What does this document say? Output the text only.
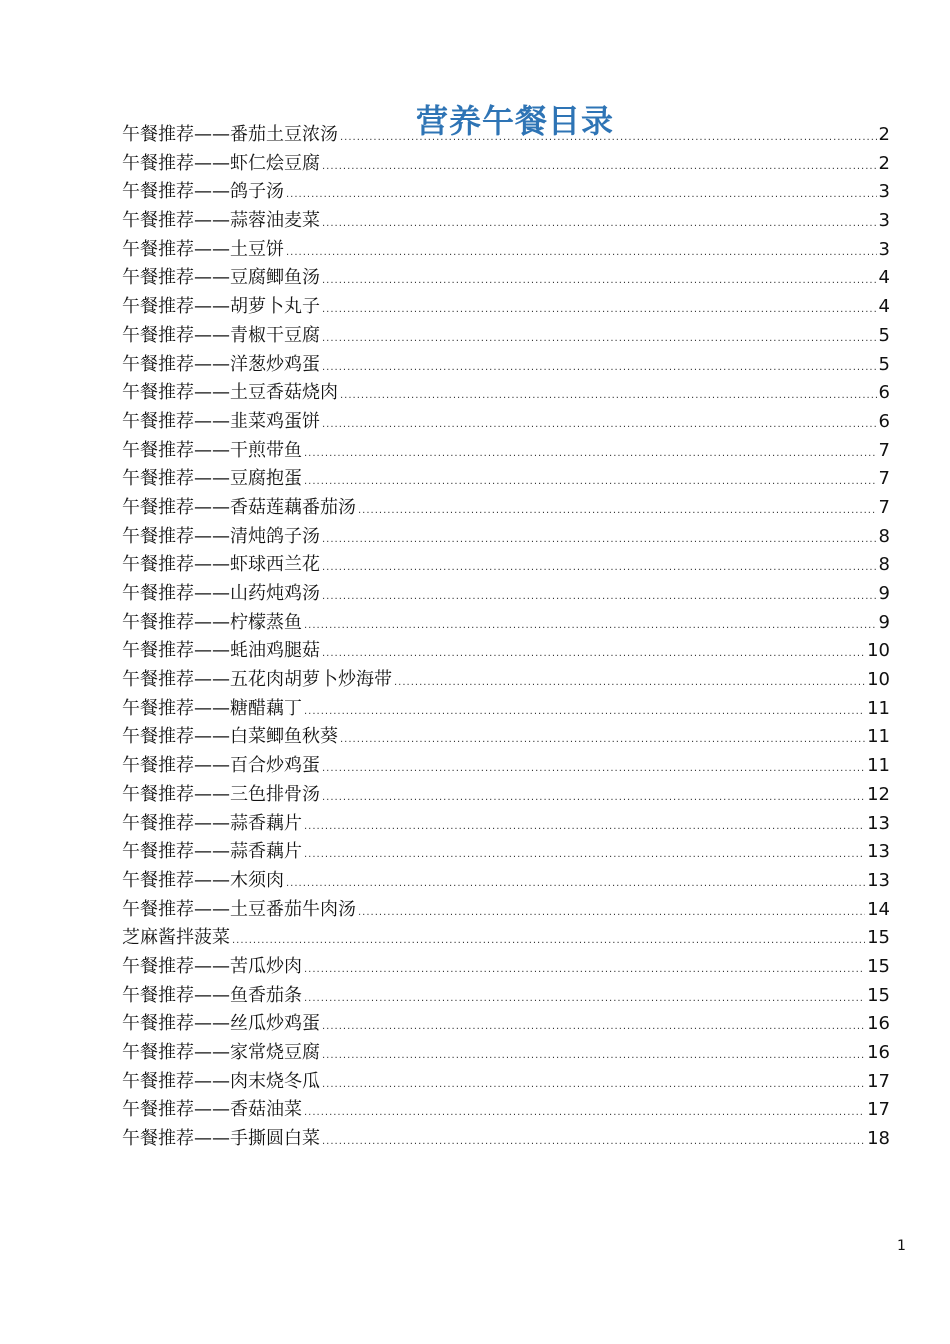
营养午餐目录
午餐推荐——番茄土豆浓汤 .....	2
午餐推荐——虾仁烩豆腐 .....	2
午餐推荐——鸽子汤 .....	3
午餐推荐——蒜蓉油麦菜 .....	3
午餐推荐——土豆饼 .....	3
午餐推荐——豆腐鲫鱼汤 .....	4
午餐推荐——胡萝卜丸子 .....	4
午餐推荐——青椒干豆腐 .....	5
午餐推荐——洋葱炒鸡蛋 .....	5
午餐推荐——土豆香菇烧肉 .....	6
午餐推荐——韭菜鸡蛋饼 .....	6
午餐推荐——干煎带鱼 .....	7
午餐推荐——豆腐抱蛋 .....	7
午餐推荐——香菇莲藕番茄汤 .....	7
午餐推荐——清炖鸽子汤 .....	8
午餐推荐——虾球西兰花 .....	8
午餐推荐——山药炖鸡汤 .....	9
午餐推荐——柠檬蒸鱼 .....	9
午餐推荐——蚝油鸡腿菇 .....	10
午餐推荐——五花肉胡萝卜炒海带 .....	10
午餐推荐——糖醋藕丁 .....	11
午餐推荐——白菜鲫鱼秋葵 .....	11
午餐推荐——百合炒鸡蛋 .....	11
午餐推荐——三色排骨汤 .....	12
午餐推荐——蒜香藕片 .....	13
午餐推荐——蒜香藕片 .....	13
午餐推荐——木须肉 .....	13
午餐推荐——土豆番茄牛肉汤 .....	14
芝麻酱拌菠菜 .....	15
午餐推荐——苦瓜炒肉 .....	15
午餐推荐——鱼香茄条 .....	15
午餐推荐——丝瓜炒鸡蛋 .....	16
午餐推荐——家常烧豆腐 .....	16
午餐推荐——肉末烧冬瓜 .....	17
午餐推荐——香菇油菜 .....	17
午餐推荐——手撕圆白菜 .....	18
1
